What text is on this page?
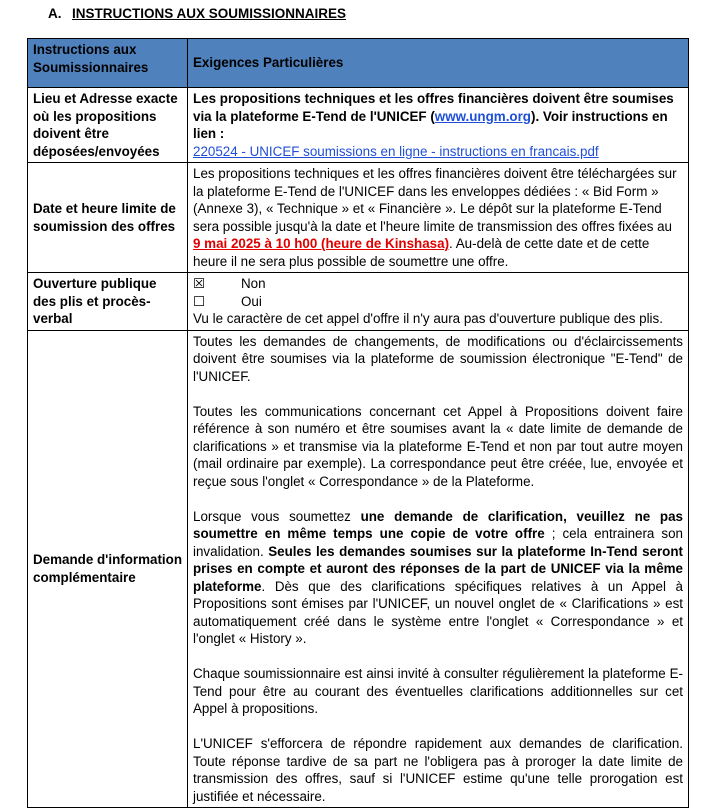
A. INSTRUCTIONS AUX SOUMISSIONNAIRES
Instructions aux Soumissionnaires	Exigences Particulières
Lieu et Adresse exacte où les propositions doivent être déposées/envoyées	Les propositions techniques et les offres financières doivent être soumises via la plateforme E-Tend de l'UNICEF (www.ungm.org). Voir instructions en lien :
220524 - UNICEF soumissions en ligne - instructions en francais.pdf
Date et heure limite de soumission des offres	Les propositions techniques et les offres financières doivent être téléchargées sur la plateforme E-Tend de l'UNICEF dans les enveloppes dédiées : « Bid Form » (Annexe 3), « Technique » et « Financière ». Le dépôt sur la plateforme E-Tend sera possible jusqu'à la date et l'heure limite de transmission des offres fixées au 9 mai 2025 à 10 h00 (heure de Kinshasa). Au-delà de cette date et de cette heure il ne sera plus possible de soumettre une offre.
Ouverture publique des plis et procès-verbal	☒ Non
☐ Oui
Vu le caractère de cet appel d'offre il n'y aura pas d'ouverture publique des plis.

Demande d'information complémentaire	Toutes les demandes de changements, de modifications ou d'éclaircissements doivent être soumises via la plateforme de soumission électronique "E-Tend" de l'UNICEF.

Toutes les communications concernant cet Appel à Propositions doivent faire référence à son numéro et être soumises avant la « date limite de demande de clarifications » et transmise via la plateforme E-Tend et non par tout autre moyen (mail ordinaire par exemple). La correspondance peut être créée, lue, envoyée et reçue sous l'onglet « Correspondance » de la Plateforme.

Lorsque vous soumettez une demande de clarification, veuillez ne pas soumettre en même temps une copie de votre offre ; cela entrainera son invalidation. Seules les demandes soumises sur la plateforme In-Tend seront prises en compte et auront des réponses de la part de UNICEF via la même plateforme. Dès que des clarifications spécifiques relatives à un Appel à Propositions sont émises par l'UNICEF, un nouvel onglet de « Clarifications » est automatiquement créé dans le système entre l'onglet « Correspondance » et l'onglet « History ».

Chaque soumissionnaire est ainsi invité à consulter régulièrement la plateforme E-Tend pour être au courant des éventuelles clarifications additionnelles sur cet Appel à propositions.

L'UNICEF s'efforcera de répondre rapidement aux demandes de clarification. Toute réponse tardive de sa part ne l'obligera pas à proroger la date limite de transmission des offres, sauf si l'UNICEF estime qu'une telle prorogation est justifiée et nécessaire.
